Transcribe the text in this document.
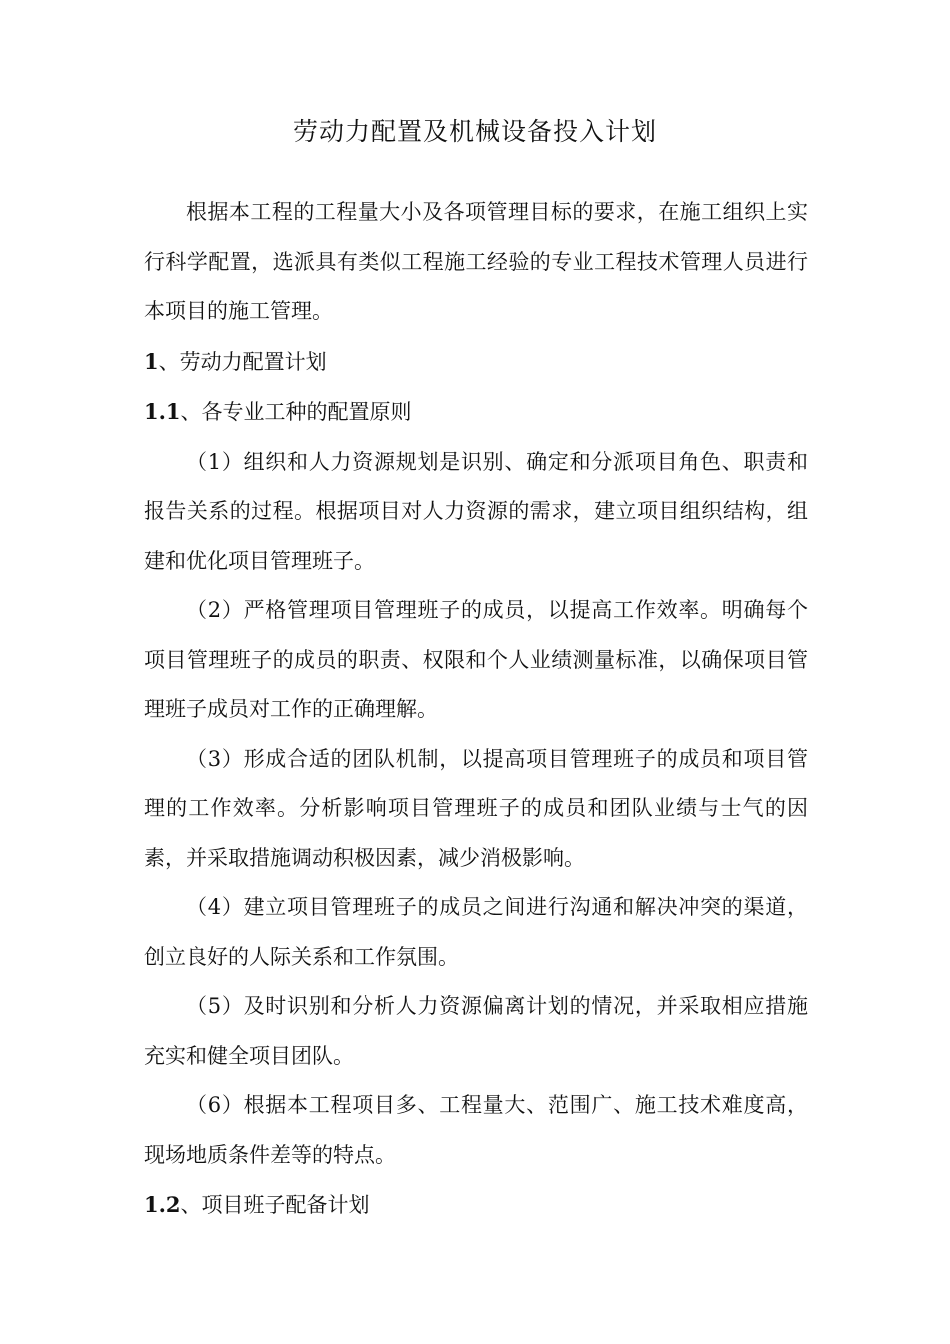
劳动力配置及机械设备投入计划

根据本工程的工程量大小及各项管理目标的要求，在施工组织上实行科学配置，选派具有类似工程施工经验的专业工程技术管理人员进行本项目的施工管理。

1、劳动力配置计划

1.1、各专业工种的配置原则

（1）组织和人力资源规划是识别、确定和分派项目角色、职责和报告关系的过程。根据项目对人力资源的需求，建立项目组织结构，组建和优化项目管理班子。

（2）严格管理项目管理班子的成员，以提高工作效率。明确每个项目管理班子的成员的职责、权限和个人业绩测量标准，以确保项目管理班子成员对工作的正确理解。

（3）形成合适的团队机制，以提高项目管理班子的成员和项目管理的工作效率。分析影响项目管理班子的成员和团队业绩与士气的因素，并采取措施调动积极因素，减少消极影响。

（4）建立项目管理班子的成员之间进行沟通和解决冲突的渠道，创立良好的人际关系和工作氛围。

（5）及时识别和分析人力资源偏离计划的情况，并采取相应措施充实和健全项目团队。

（6）根据本工程项目多、工程量大、范围广、施工技术难度高，现场地质条件差等的特点。

1.2、项目班子配备计划
